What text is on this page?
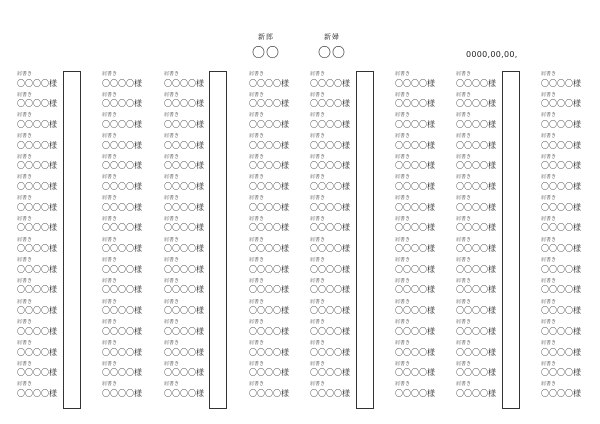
新郎
〇〇
新婦
〇〇	0000,00,00,
肩書き
〇〇〇〇様
肩書き
〇〇〇〇様
肩書き
〇〇〇〇様
肩書き
〇〇〇〇様
肩書き
〇〇〇〇様
肩書き
〇〇〇〇様
肩書き
〇〇〇〇様
肩書き
〇〇〇〇様
肩書き
〇〇〇〇様
肩書き
〇〇〇〇様
肩書き
〇〇〇〇様
肩書き
〇〇〇〇様
肩書き
〇〇〇〇様
肩書き
〇〇〇〇様
肩書き
〇〇〇〇様
肩書き
〇〇〇〇様
肩書き
〇〇〇〇様
肩書き
〇〇〇〇様
肩書き
〇〇〇〇様
肩書き
〇〇〇〇様
肩書き
〇〇〇〇様
肩書き
〇〇〇〇様
肩書き
〇〇〇〇様
肩書き
〇〇〇〇様
肩書き
〇〇〇〇様
肩書き
〇〇〇〇様
肩書き
〇〇〇〇様
肩書き
〇〇〇〇様
肩書き
〇〇〇〇様
肩書き
〇〇〇〇様
肩書き
〇〇〇〇様
肩書き
〇〇〇〇様
肩書き
〇〇〇〇様
肩書き
〇〇〇〇様
肩書き
〇〇〇〇様
肩書き
〇〇〇〇様
肩書き
〇〇〇〇様
肩書き
〇〇〇〇様
肩書き
〇〇〇〇様
肩書き
〇〇〇〇様
肩書き
〇〇〇〇様
肩書き
〇〇〇〇様
肩書き
〇〇〇〇様
肩書き
〇〇〇〇様
肩書き
〇〇〇〇様
肩書き
〇〇〇〇様
肩書き
〇〇〇〇様
肩書き
〇〇〇〇様
肩書き
〇〇〇〇様
肩書き
〇〇〇〇様
肩書き
〇〇〇〇様
肩書き
〇〇〇〇様
肩書き
〇〇〇〇様
肩書き
〇〇〇〇様
肩書き
〇〇〇〇様
肩書き
〇〇〇〇様
肩書き
〇〇〇〇様
肩書き
〇〇〇〇様
肩書き
〇〇〇〇様
肩書き
〇〇〇〇様
肩書き
〇〇〇〇様
肩書き
〇〇〇〇様
肩書き
〇〇〇〇様
肩書き
〇〇〇〇様
肩書き
〇〇〇〇様
肩書き
〇〇〇〇様
肩書き
〇〇〇〇様
肩書き
〇〇〇〇様
肩書き
〇〇〇〇様
肩書き
〇〇〇〇様
肩書き
〇〇〇〇様
肩書き
〇〇〇〇様
肩書き
〇〇〇〇様
肩書き
〇〇〇〇様
肩書き
〇〇〇〇様
肩書き
〇〇〇〇様
肩書き
〇〇〇〇様
肩書き
〇〇〇〇様
肩書き
〇〇〇〇様
肩書き
〇〇〇〇様
肩書き
〇〇〇〇様
肩書き
〇〇〇〇様
肩書き
〇〇〇〇様
肩書き
〇〇〇〇様
肩書き
〇〇〇〇様
肩書き
〇〇〇〇様
肩書き
〇〇〇〇様
肩書き
〇〇〇〇様
肩書き
〇〇〇〇様
肩書き
〇〇〇〇様
肩書き
〇〇〇〇様
肩書き
〇〇〇〇様
肩書き
〇〇〇〇様
肩書き
〇〇〇〇様
肩書き
〇〇〇〇様
肩書き
〇〇〇〇様
肩書き
〇〇〇〇様
肩書き
〇〇〇〇様
肩書き
〇〇〇〇様
肩書き
〇〇〇〇様
肩書き
〇〇〇〇様
肩書き
〇〇〇〇様
肩書き
〇〇〇〇様
肩書き
〇〇〇〇様
肩書き
〇〇〇〇様
肩書き
〇〇〇〇様
肩書き
〇〇〇〇様
肩書き
〇〇〇〇様
肩書き
〇〇〇〇様
肩書き
〇〇〇〇様
肩書き
〇〇〇〇様
肩書き
〇〇〇〇様
肩書き
〇〇〇〇様
肩書き
〇〇〇〇様
肩書き
〇〇〇〇様
肩書き
〇〇〇〇様
肩書き
〇〇〇〇様
肩書き
〇〇〇〇様
肩書き
〇〇〇〇様
肩書き
〇〇〇〇様
肩書き
〇〇〇〇様
肩書き
〇〇〇〇様
肩書き
〇〇〇〇様
肩書き
〇〇〇〇様
肩書き
〇〇〇〇様
肩書き
〇〇〇〇様
肩書き
〇〇〇〇様
肩書き
〇〇〇〇様
